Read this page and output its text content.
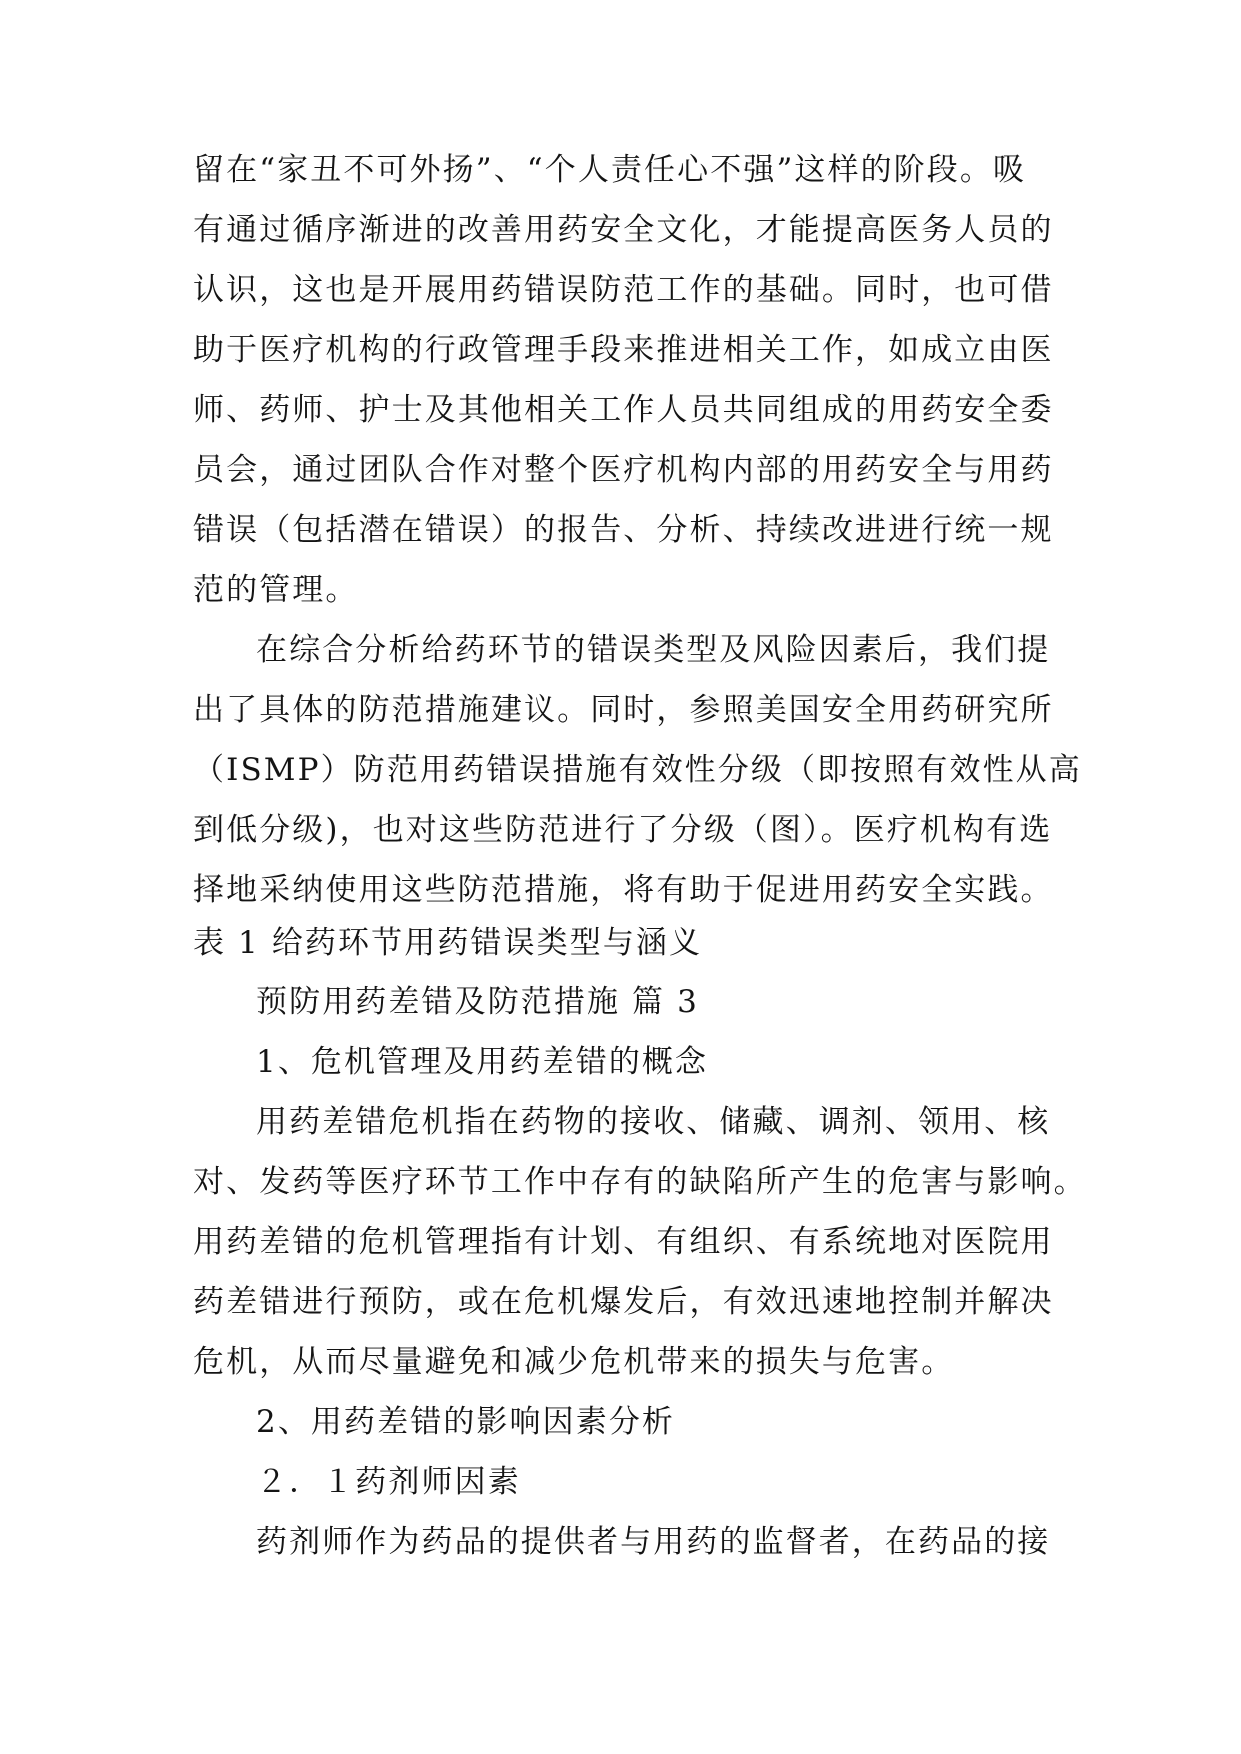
留在“家丑不可外扬”、“个人责任心不强”这样的阶段。吸
有通过循序渐进的改善用药安全文化，才能提高医务人员的
认识，这也是开展用药错误防范工作的基础。同时，也可借
助于医疗机构的行政管理手段来推进相关工作，如成立由医
师、药师、护士及其他相关工作人员共同组成的用药安全委
员会，通过团队合作对整个医疗机构内部的用药安全与用药
错误（包括潜在错误）的报告、分析、持续改进进行统一规
范的管理。
在综合分析给药环节的错误类型及风险因素后，我们提
出了具体的防范措施建议。同时，参照美国安全用药研究所
（ISMP）防范用药错误措施有效性分级（即按照有效性从高
到低分级)，也对这些防范进行了分级（图）。医疗机构有选
择地采纳使用这些防范措施，将有助于促进用药安全实践。
表 1 给药环节用药错误类型与涵义
预防用药差错及防范措施 篇 3
1、危机管理及用药差错的概念
用药差错危机指在药物的接收、储藏、调剂、领用、核
对、发药等医疗环节工作中存有的缺陷所产生的危害与影响。
用药差错的危机管理指有计划、有组织、有系统地对医院用
药差错进行预防，或在危机爆发后，有效迅速地控制并解决
危机，从而尽量避免和减少危机带来的损失与危害。
2、用药差错的影响因素分析
２．１药剂师因素
药剂师作为药品的提供者与用药的监督者，在药品的接
